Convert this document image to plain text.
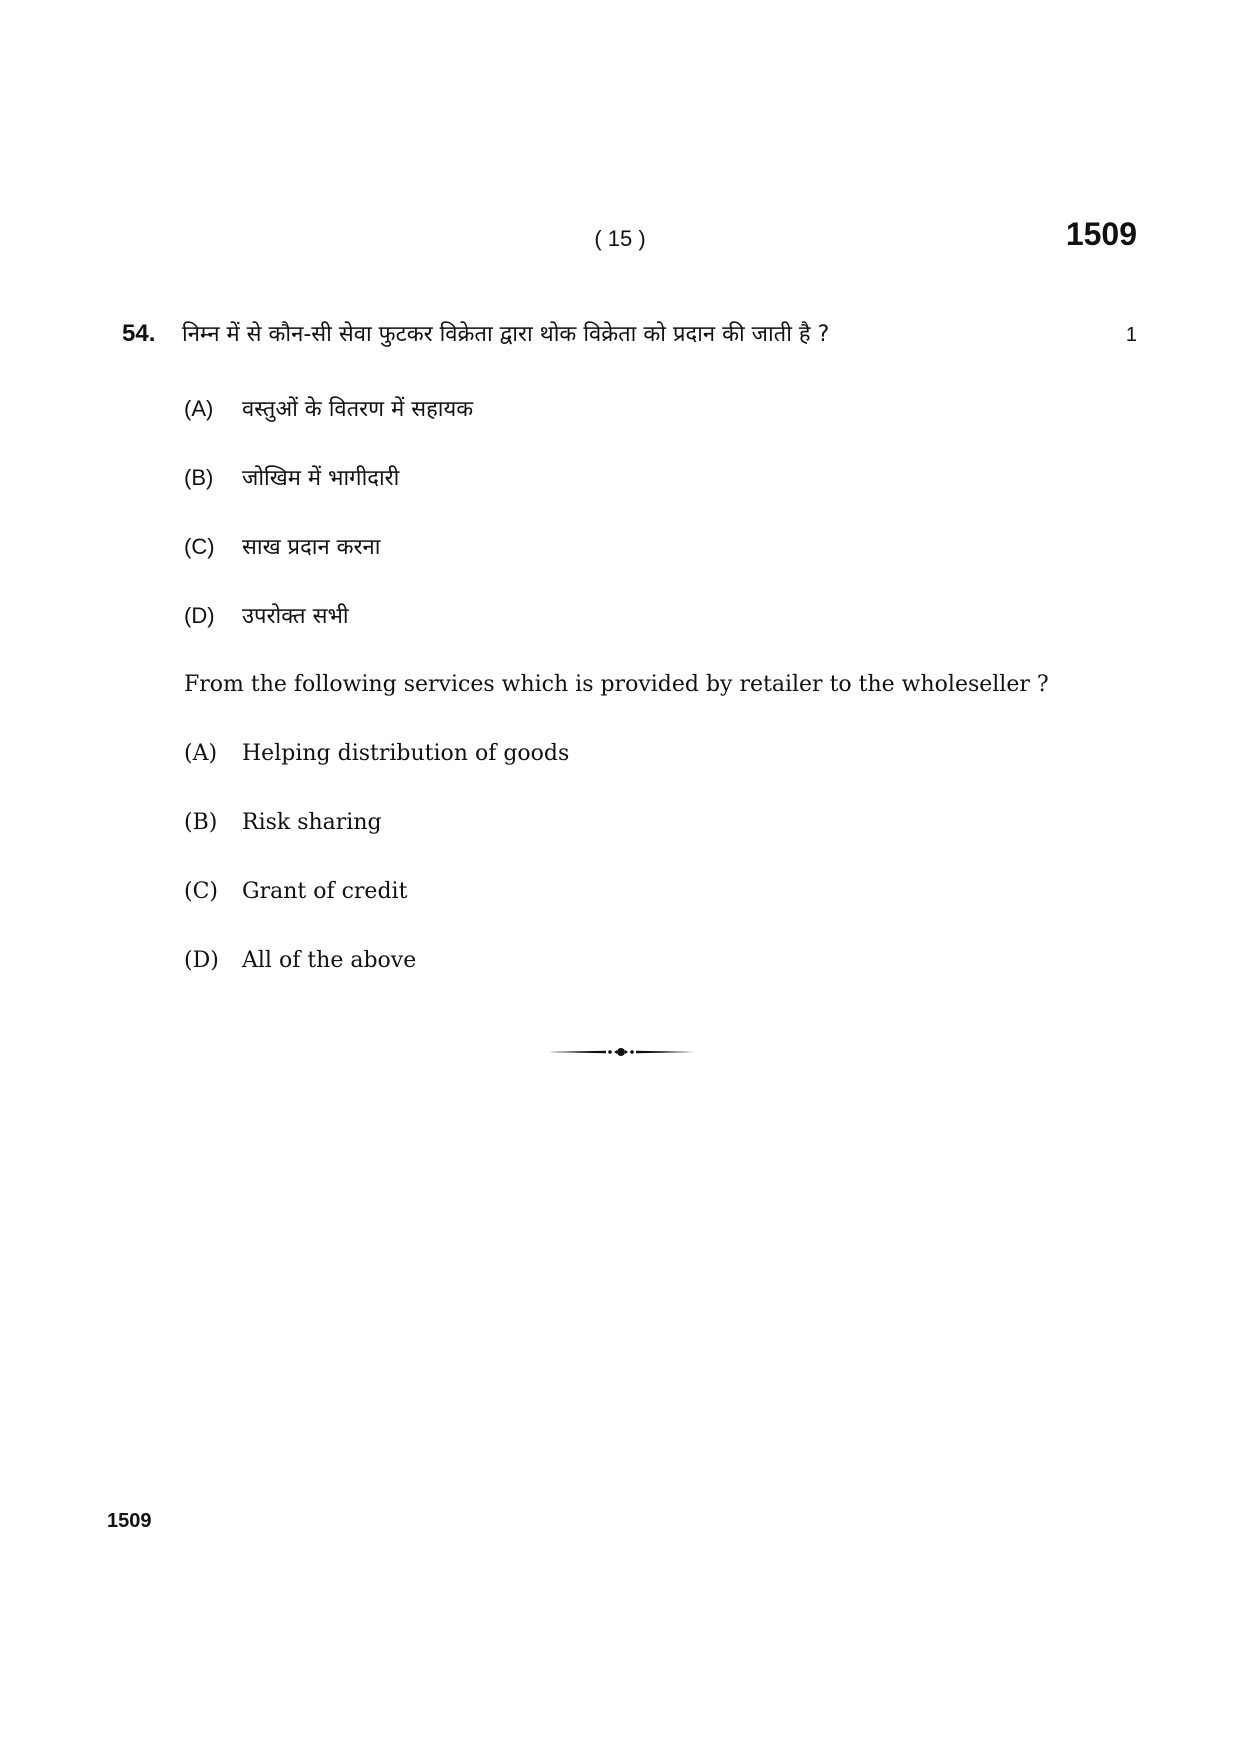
( 15 )	1509
54.	निम्न में से कौन-सी सेवा फुटकर विक्रेता द्वारा थोक विक्रेता को प्रदान की जाती है ?	1
(A)	वस्तुओं के वितरण में सहायक
(B)	जोखिम में भागीदारी
(C)	साख प्रदान करना
(D)	उपरोक्त सभी
From the following services which is provided by retailer to the wholeseller ?
(A)	Helping distribution of goods
(B)	Risk sharing
(C)	Grant of credit
(D)	All of the above
1509
